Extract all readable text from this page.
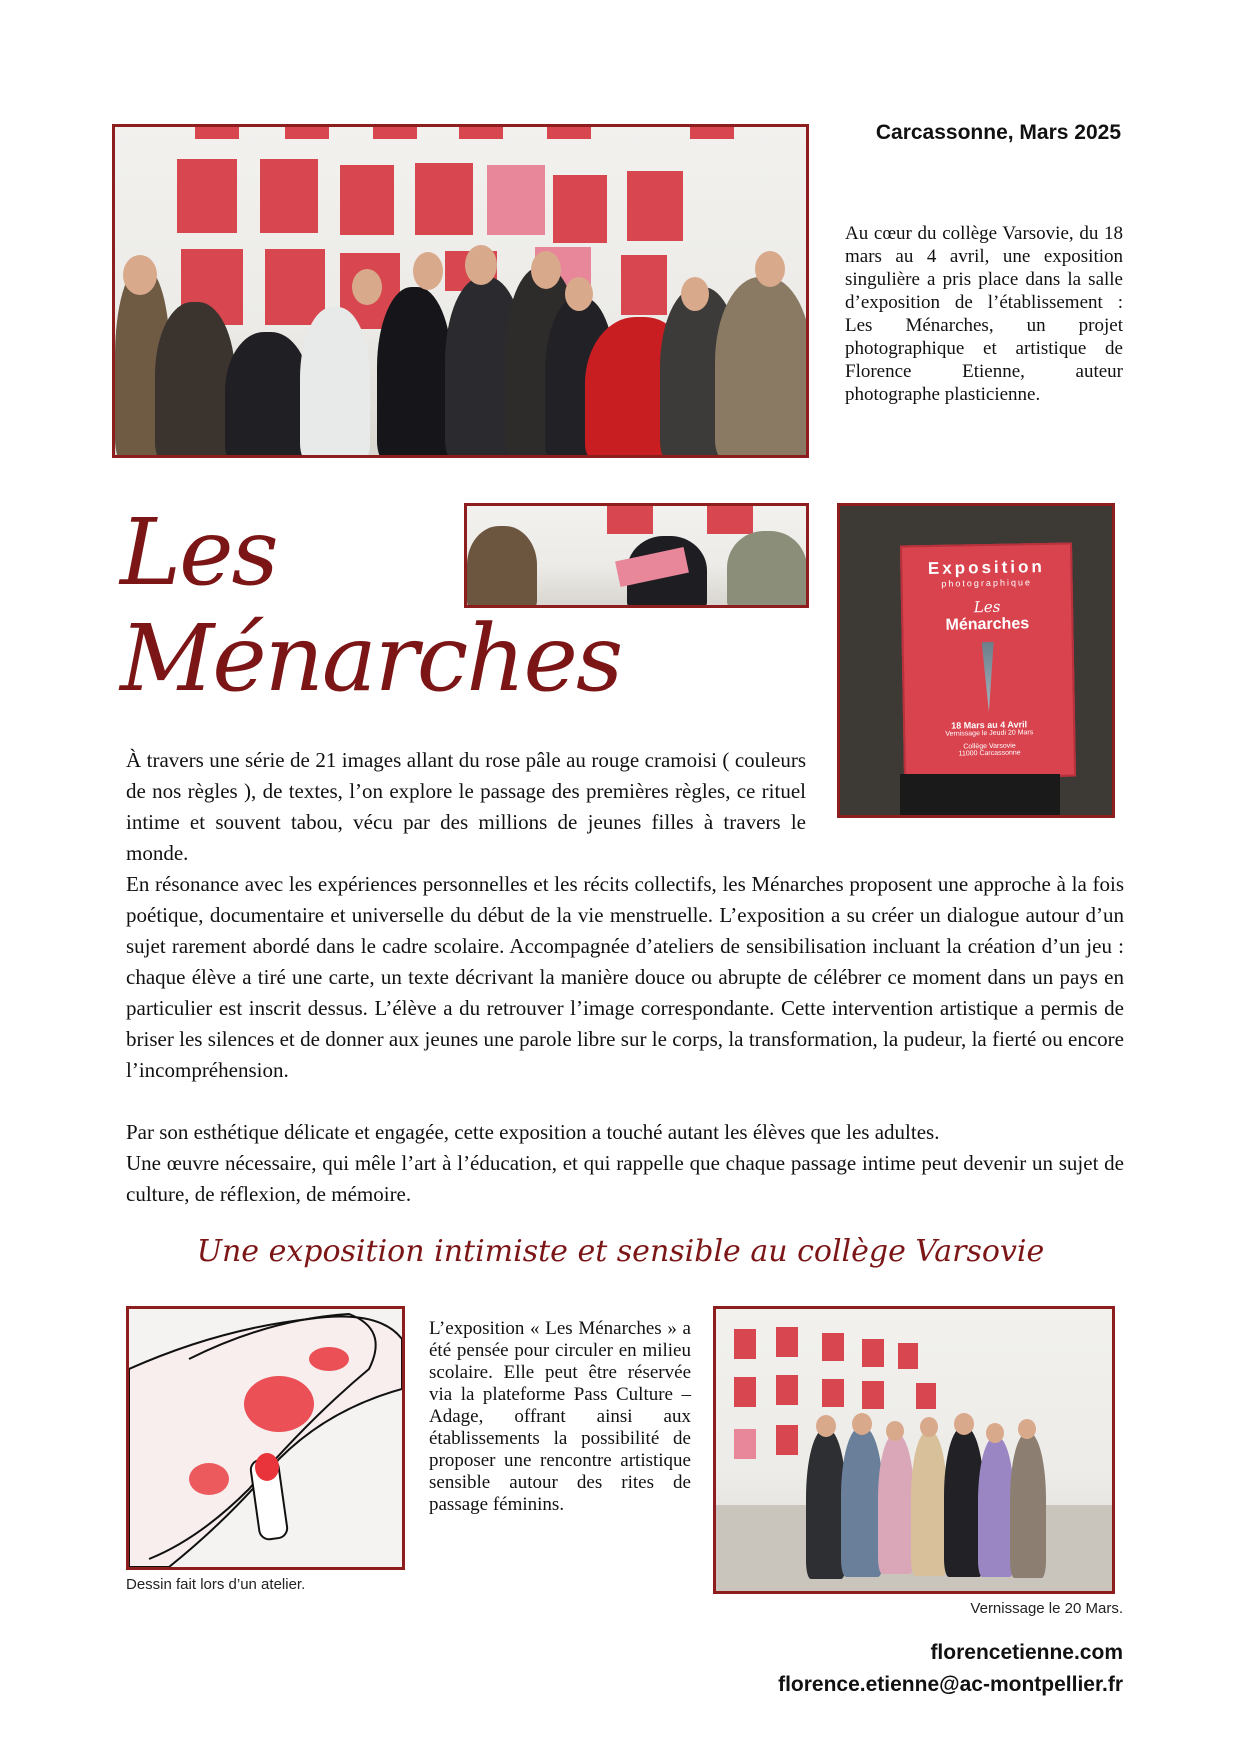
Carcassonne, Mars 2025

Au cœur du collège Varsovie, du 18 mars au 4 avril, une exposition singulière a pris place dans la salle d’exposition de l’établissement : Les Ménarches, un projet photographique et artistique de Florence Etienne, auteur photographe plasticienne.

Exposition
photographique
Les
Ménarches
18 Mars au 4 Avril
Vernissage le Jeudi 20 Mars
Collège Varsovie
11000 Carcassonne
Les
Ménarches

À travers une série de 21 images allant du rose pâle au rouge cramoisi ( couleurs de nos règles ), de textes, l’on explore le passage des premières règles, ce rituel intime et souvent tabou, vécu par des millions de jeunes filles à travers le monde.

En résonance avec les expériences personnelles et les récits collectifs, les Ménarches proposent une approche à la fois poétique, documentaire et universelle du début de la vie menstruelle. L’exposition a su créer un dialogue autour d’un sujet rarement abordé dans le cadre scolaire. Accompagnée d’ateliers de sensibilisation incluant la création d’un jeu : chaque élève a tiré une carte, un texte décrivant la manière douce ou abrupte de célébrer ce moment dans un pays en particulier est inscrit dessus. L’élève a du retrouver l’image correspondante. Cette intervention artistique a permis de briser les silences et de donner aux jeunes une parole libre sur le corps, la transformation, la pudeur, la fierté ou encore l’incompréhension.

Par son esthétique délicate et engagée, cette exposition a touché autant les élèves que les adultes.

Une œuvre nécessaire, qui mêle l’art à l’éducation, et qui rappelle que chaque passage intime peut devenir un sujet de culture, de réflexion, de mémoire.

Une exposition intimiste et sensible au collège Varsovie
Dessin fait lors d’un atelier.

L’exposition « Les Ménarches » a été pensée pour circuler en milieu scolaire. Elle peut être réservée via la plateforme Pass Culture – Adage, offrant ainsi aux établissements la possibilité de proposer une rencontre artistique sensible autour des rites de passage féminins.

Vernissage le 20 Mars.
florencetienne.com
florence.etienne@ac-montpellier.fr
